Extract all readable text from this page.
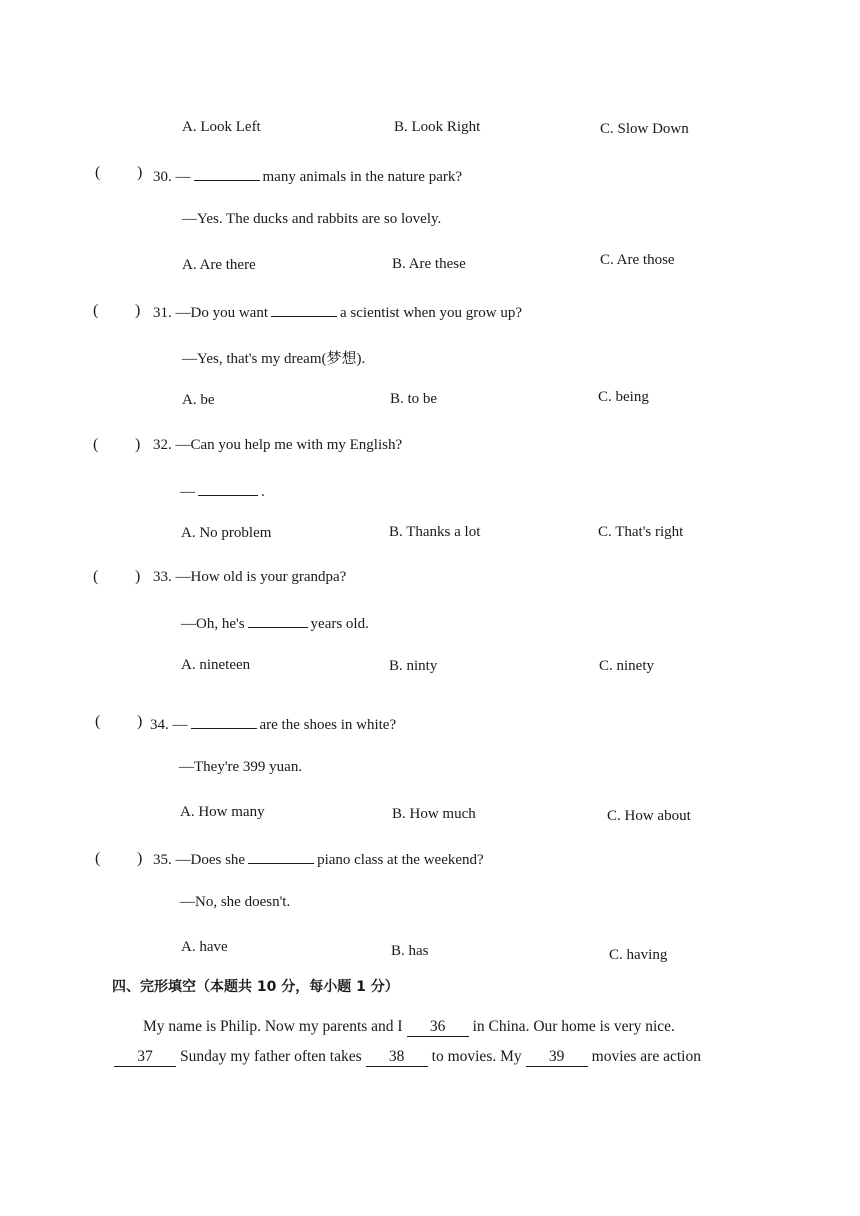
A. Look Left	B. Look Right	C. Slow Down
( ) 30. —	many animals in the nature park?
—Yes. The ducks and rabbits are so lovely.
A. Are there	B. Are these	C. Are those
( ) 31. —Do you want	a scientist when you grow up?
—Yes, that's my dream(梦想).
A. be	B. to be	C. being
( ) 32. —Can you help me with my English?
—	.
A. No problem	B. Thanks a lot	C. That's right
( ) 33. —How old is your grandpa?
—Oh, he's	years old.
A. nineteen	B. ninty	C. ninety
( ) 34. —	are the shoes in white?
—They're 399 yuan.
A. How many	B. How much	C. How about
( ) 35. —Does she	piano class at the weekend?
—No, she doesn't.
A. have	B. has	C. having
四、完形填空（本题共 10 分，每小题 1 分）
My name is Philip. Now my parents and I 36 in China. Our home is very nice.
37 Sunday my father often takes 38 to movies. My 39 movies are action
